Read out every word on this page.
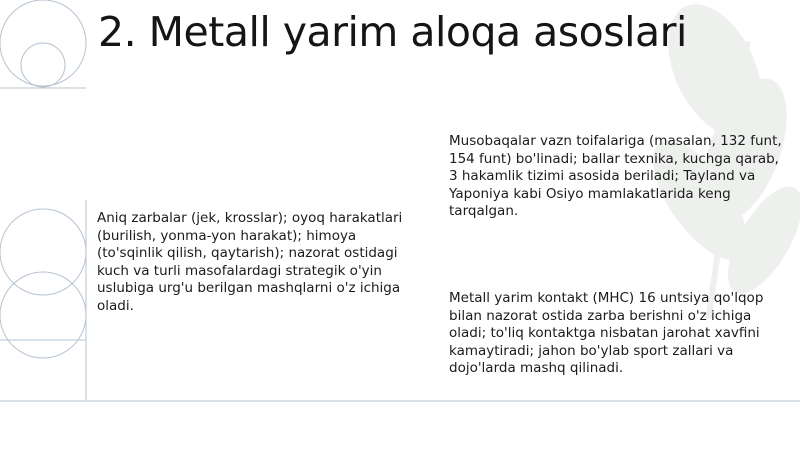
2. Metall yarim aloqa asoslari

Aniq zarbalar (jek, krosslar); oyoq harakatlari (burilish, yonma-yon harakat); himoya (to'sqinlik qilish, qaytarish); nazorat ostidagi kuch va turli masofalardagi strategik o'yin uslubiga urg'u berilgan mashqlarni o'z ichiga oladi.

Musobaqalar vazn toifalariga (masalan, 132 funt, 154 funt) bo'linadi; ballar texnika, kuchga qarab, 3 hakamlik tizimi asosida beriladi; Tayland va Yaponiya kabi Osiyo mamlakatlarida keng tarqalgan.

Metall yarim kontakt (MHC) 16 untsiya qo'lqop bilan nazorat ostida zarba berishni o'z ichiga oladi; to'liq kontaktga nisbatan jarohat xavfini kamaytiradi; jahon bo'ylab sport zallari va dojo'larda mashq qilinadi.
